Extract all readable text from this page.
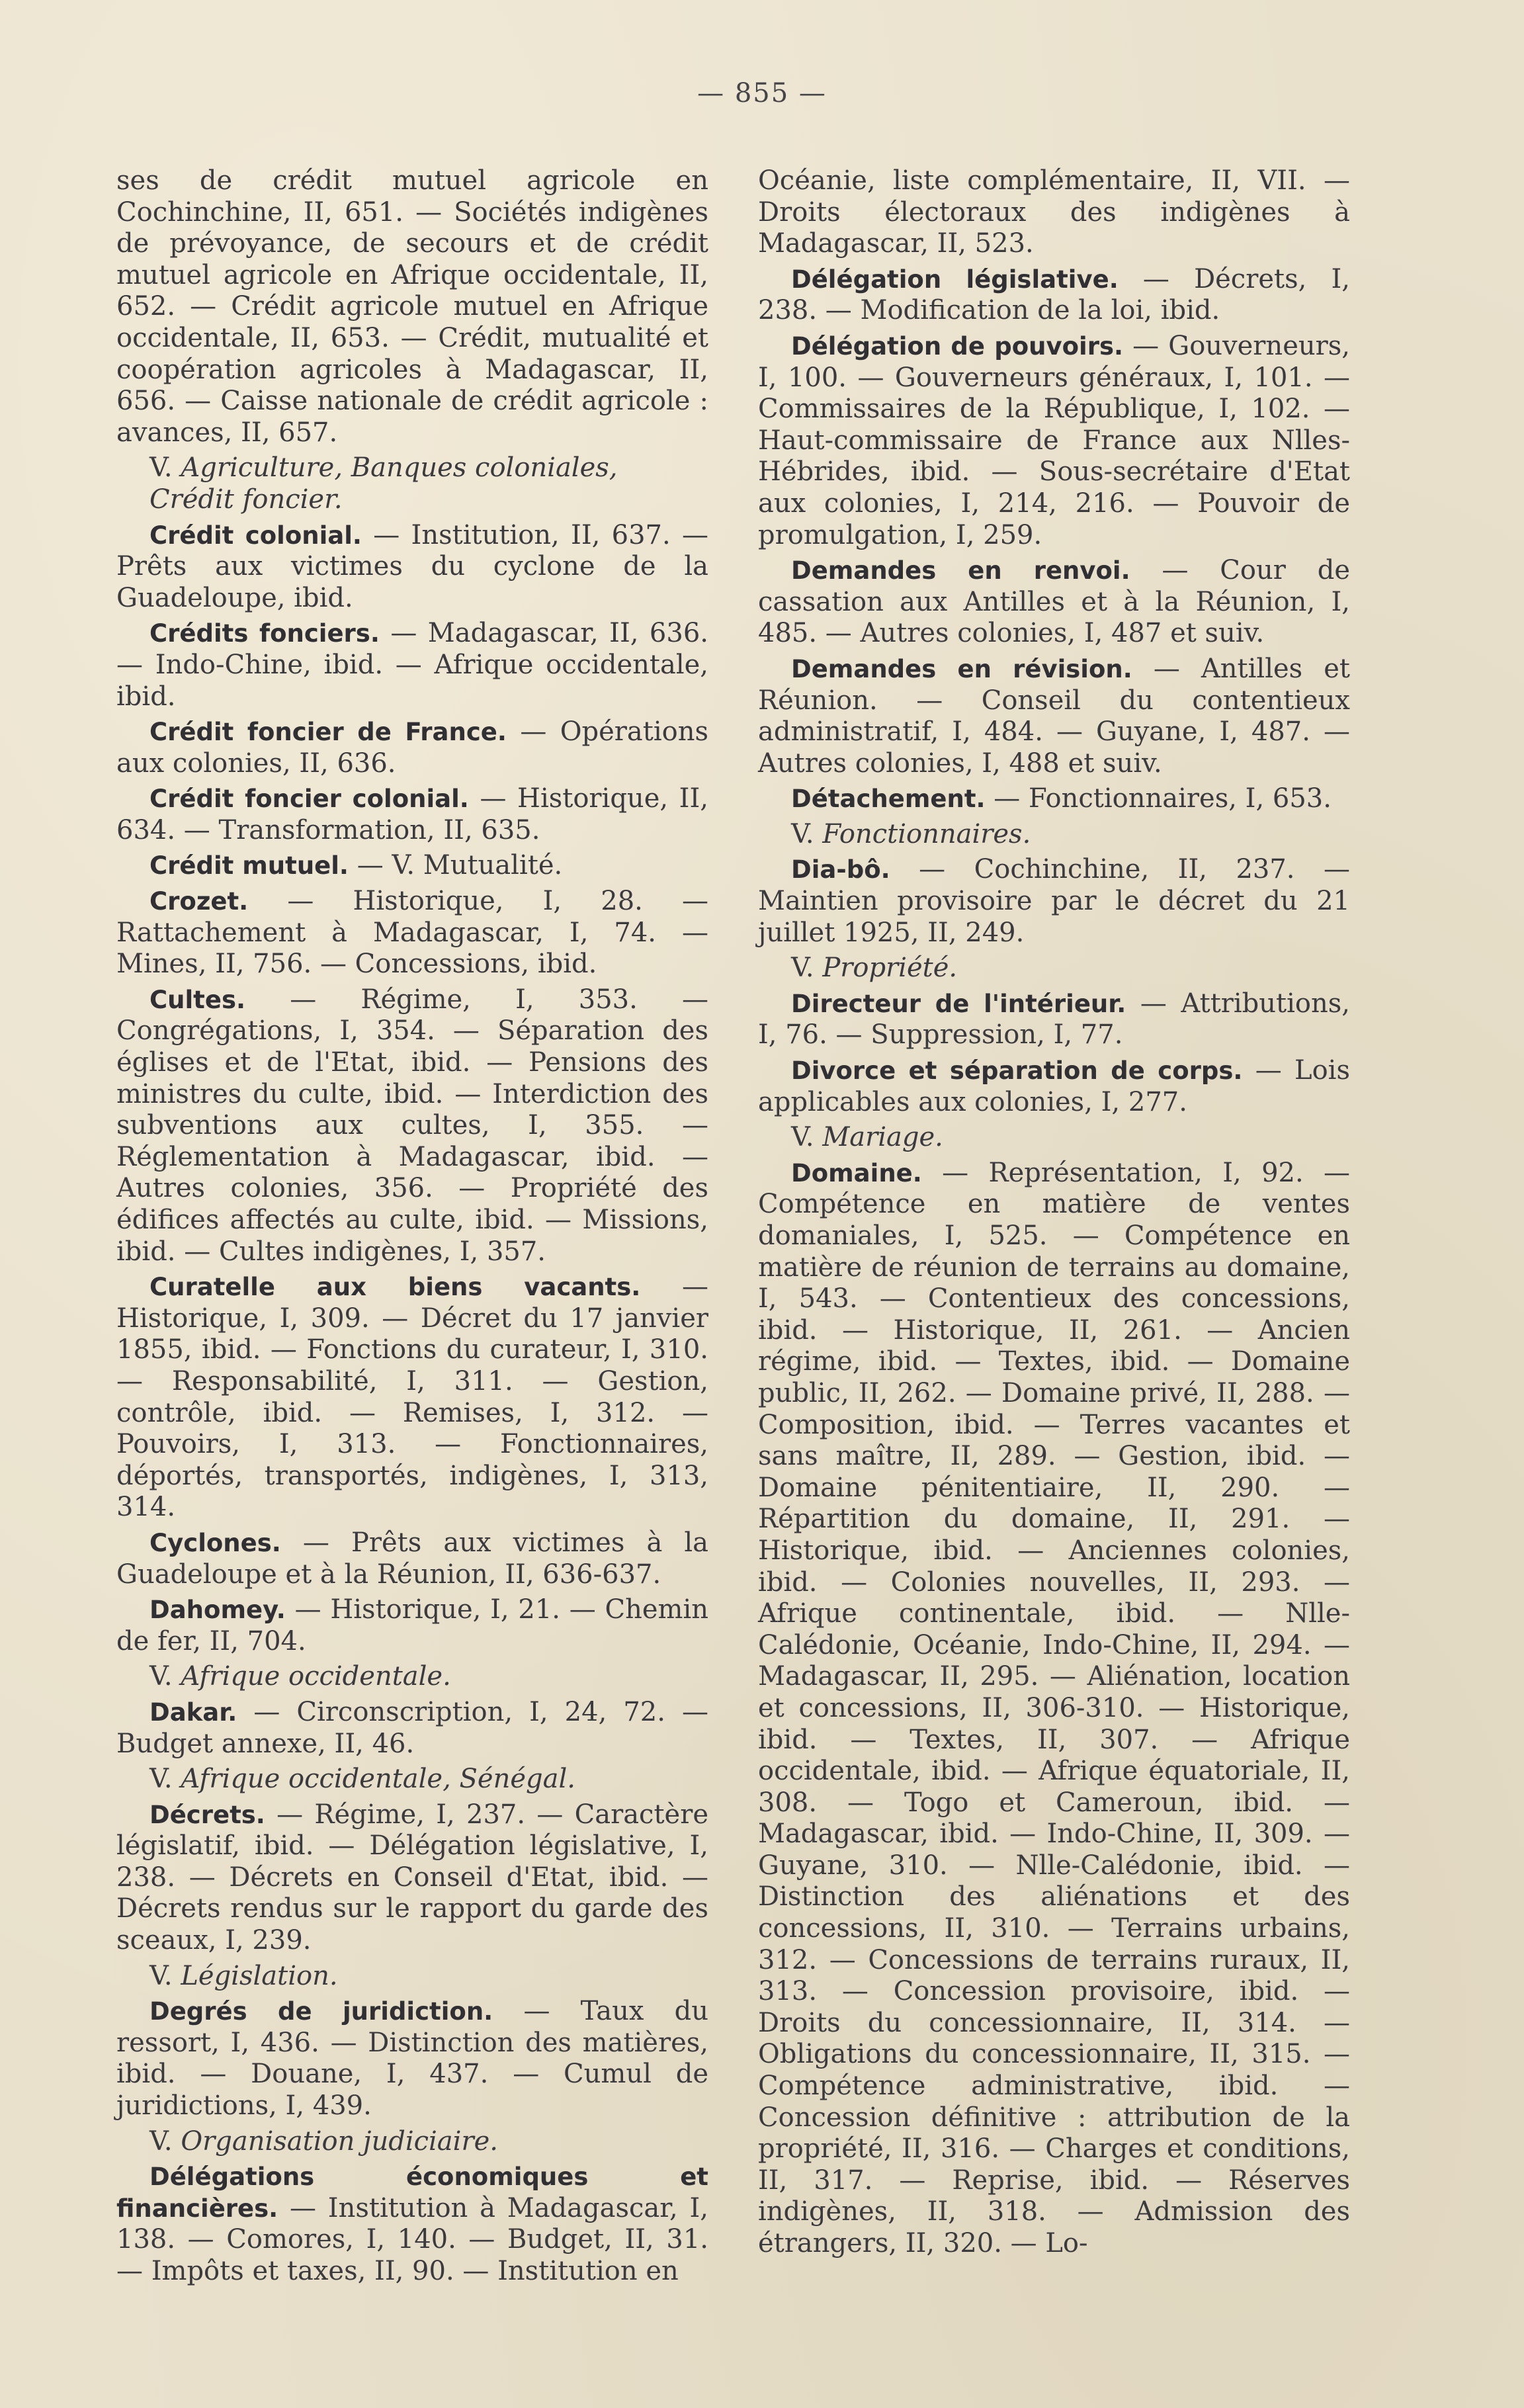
— 855 —

ses de crédit mutuel agricole en Cochinchine, II, 651. — Sociétés indigènes de prévoyance, de secours et de crédit mutuel agricole en Afrique occidentale, II, 652. — Crédit agricole mutuel en Afrique occidentale, II, 653. — Crédit, mutualité et coopération agricoles à Madagascar, II, 656. — Caisse nationale de crédit agricole : avances, II, 657.

V. Agriculture, Banques coloniales, Crédit foncier.

Crédit colonial. — Institution, II, 637. — Prêts aux victimes du cyclone de la Guadeloupe, ibid.

Crédits fonciers. — Madagascar, II, 636. — Indo-Chine, ibid. — Afrique occidentale, ibid.

Crédit foncier de France. — Opérations aux colonies, II, 636.

Crédit foncier colonial. — Historique, II, 634. — Transformation, II, 635.

Crédit mutuel. — V. Mutualité.

Crozet. — Historique, I, 28. — Rattachement à Madagascar, I, 74. — Mines, II, 756. — Concessions, ibid.

Cultes. — Régime, I, 353. — Congrégations, I, 354. — Séparation des églises et de l'Etat, ibid. — Pensions des ministres du culte, ibid. — Interdiction des subventions aux cultes, I, 355. — Réglementation à Madagascar, ibid. — Autres colonies, 356. — Propriété des édifices affectés au culte, ibid. — Missions, ibid. — Cultes indigènes, I, 357.

Curatelle aux biens vacants. — Historique, I, 309. — Décret du 17 janvier 1855, ibid. — Fonctions du curateur, I, 310. — Responsabilité, I, 311. — Gestion, contrôle, ibid. — Remises, I, 312. — Pouvoirs, I, 313. — Fonctionnaires, déportés, transportés, indigènes, I, 313, 314.

Cyclones. — Prêts aux victimes à la Guadeloupe et à la Réunion, II, 636-637.

Dahomey. — Historique, I, 21. — Chemin de fer, II, 704.

V. Afrique occidentale.

Dakar. — Circonscription, I, 24, 72. — Budget annexe, II, 46.

V. Afrique occidentale, Sénégal.

Décrets. — Régime, I, 237. — Caractère législatif, ibid. — Délégation législative, I, 238. — Décrets en Conseil d'Etat, ibid. — Décrets rendus sur le rapport du garde des sceaux, I, 239.

V. Législation.

Degrés de juridiction. — Taux du ressort, I, 436. — Distinction des matières, ibid. — Douane, I, 437. — Cumul de juridictions, I, 439.

V. Organisation judiciaire.

Délégations économiques et financières. — Institution à Madagascar, I, 138. — Comores, I, 140. — Budget, II, 31. — Impôts et taxes, II, 90. — Institution en

Océanie, liste complémentaire, II, VII. — Droits électoraux des indigènes à Madagascar, II, 523.

Délégation législative. — Décrets, I, 238. — Modification de la loi, ibid.

Délégation de pouvoirs. — Gouverneurs, I, 100. — Gouverneurs généraux, I, 101. — Commissaires de la République, I, 102. — Haut-commissaire de France aux Nlles-Hébrides, ibid. — Sous-secrétaire d'Etat aux colonies, I, 214, 216. — Pouvoir de promulgation, I, 259.

Demandes en renvoi. — Cour de cassation aux Antilles et à la Réunion, I, 485. — Autres colonies, I, 487 et suiv.

Demandes en révision. — Antilles et Réunion. — Conseil du contentieux administratif, I, 484. — Guyane, I, 487. — Autres colonies, I, 488 et suiv.

Détachement. — Fonctionnaires, I, 653.

V. Fonctionnaires.

Dia-bô. — Cochinchine, II, 237. — Maintien provisoire par le décret du 21 juillet 1925, II, 249.

V. Propriété.

Directeur de l'intérieur. — Attributions, I, 76. — Suppression, I, 77.

Divorce et séparation de corps. — Lois applicables aux colonies, I, 277.

V. Mariage.

Domaine. — Représentation, I, 92. — Compétence en matière de ventes domaniales, I, 525. — Compétence en matière de réunion de terrains au domaine, I, 543. — Contentieux des concessions, ibid. — Historique, II, 261. — Ancien régime, ibid. — Textes, ibid. — Domaine public, II, 262. — Domaine privé, II, 288. — Composition, ibid. — Terres vacantes et sans maître, II, 289. — Gestion, ibid. — Domaine pénitentiaire, II, 290. — Répartition du domaine, II, 291. — Historique, ibid. — Anciennes colonies, ibid. — Colonies nouvelles, II, 293. — Afrique continentale, ibid. — Nlle-Calédonie, Océanie, Indo-Chine, II, 294. — Madagascar, II, 295. — Aliénation, location et concessions, II, 306-310. — Historique, ibid. — Textes, II, 307. — Afrique occidentale, ibid. — Afrique équatoriale, II, 308. — Togo et Cameroun, ibid. — Madagascar, ibid. — Indo-Chine, II, 309. — Guyane, 310. — Nlle-Calédonie, ibid. — Distinction des aliénations et des concessions, II, 310. — Terrains urbains, 312. — Concessions de terrains ruraux, II, 313. — Concession provisoire, ibid. — Droits du concessionnaire, II, 314. — Obligations du concessionnaire, II, 315. — Compétence administrative, ibid. — Concession définitive : attribution de la propriété, II, 316. — Charges et conditions, II, 317. — Reprise, ibid. — Réserves indigènes, II, 318. — Admission des étrangers, II, 320. — Lo-
